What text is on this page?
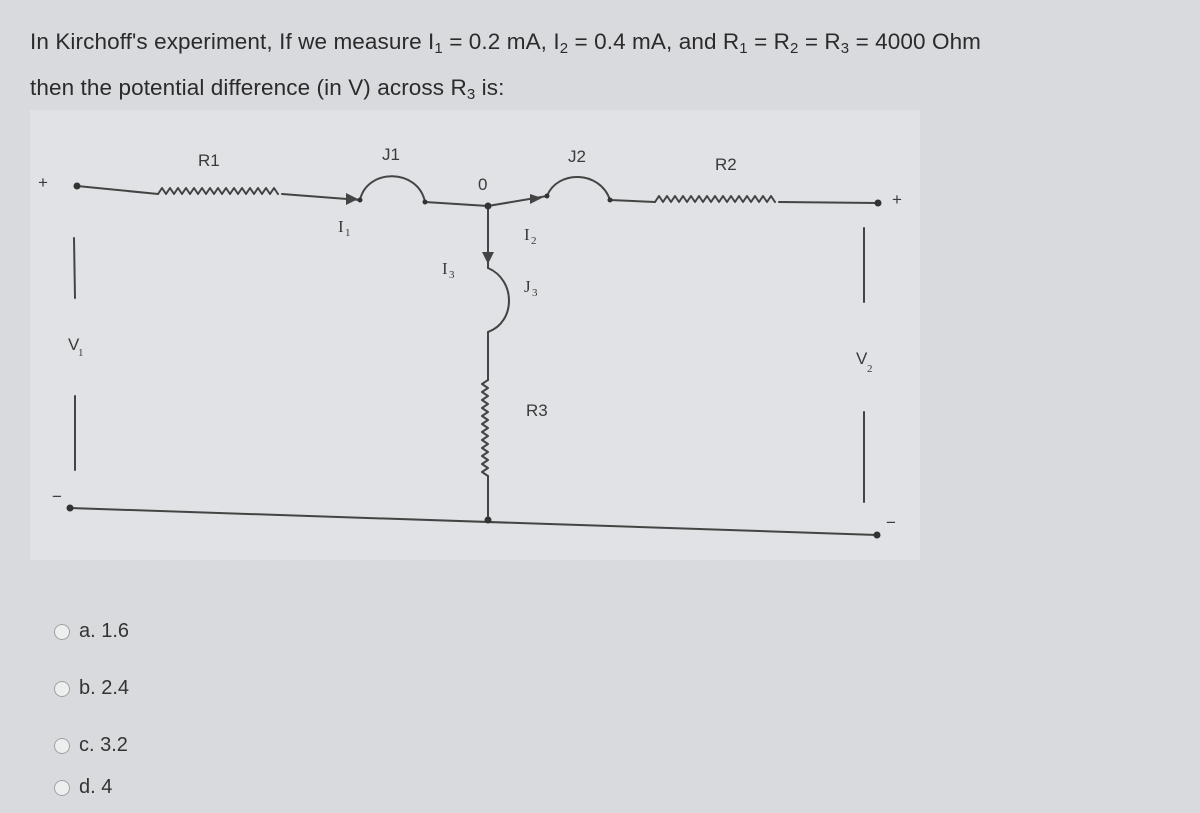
In Kirchoff's experiment, If we measure $I_1 = 0.2$ mA, $I_2 = 0.4$ mA, and $R_1 = R_2 = R_3 = 4000$ Ohm
then the potential difference (in V) across $R_3$ is:
R1	J1
0
J2	R2
R3
I 1	I 2
I 3
J 3
V
1	V
2
+
+
−
−
a. 1.6
b. 2.4
c. 3.2
d. 4
